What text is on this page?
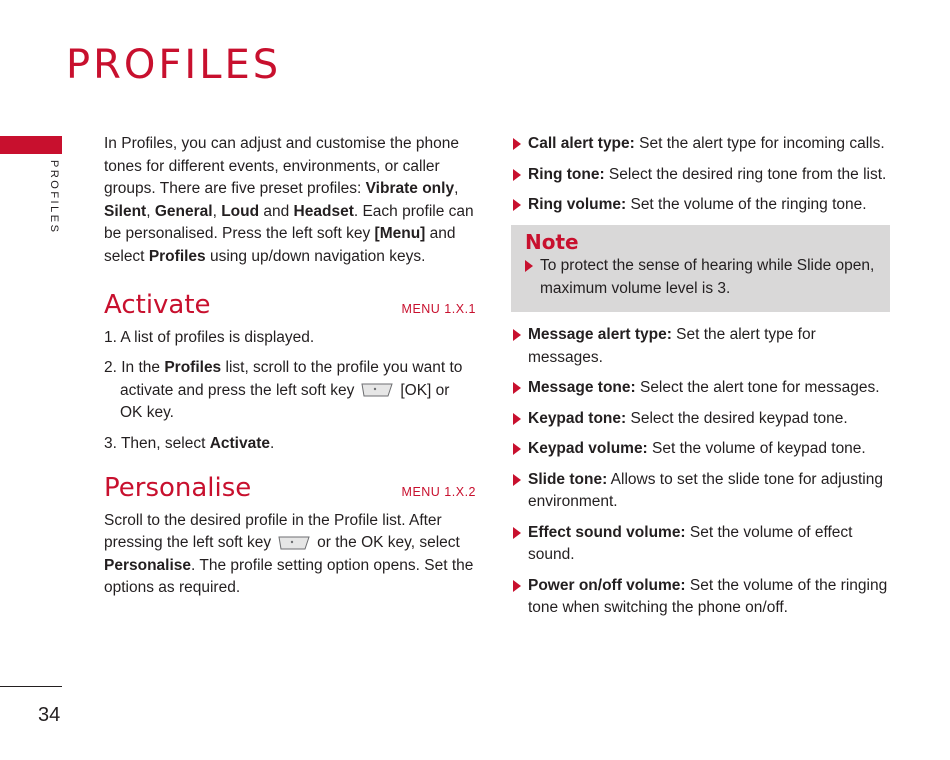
PROFILES
PROFILES
34

In Profiles, you can adjust and customise the phone tones for different events, environments, or caller groups. There are five preset profiles: Vibrate only, Silent, General, Loud and Headset. Each profile can be personalised. Press the left soft key [Menu] and select Profiles using up/down navigation keys.

Activate	MENU 1.X.1

1. A list of profiles is displayed.

2. In the Profiles list, scroll to the profile you want to activate and press the left soft key	[OK] or OK key.

3. Then, select Activate.

Personalise	MENU 1.X.2

Scroll to the desired profile in the Profile list. After pressing the left soft key	or the OK key, select Personalise. The profile setting option opens. Set the options as required.

Call alert type: Set the alert type for incoming calls.
Ring tone: Select the desired ring tone from the list.
Ring volume: Set the volume of the ringing tone.
Note
To protect the sense of hearing while Slide open, maximum volume level is 3.
Message alert type: Set the alert type for messages.
Message tone: Select the alert tone for messages.
Keypad tone: Select the desired keypad tone.
Keypad volume: Set the volume of keypad tone.
Slide tone: Allows to set the slide tone for adjusting environment.
Effect sound volume: Set the volume of effect sound.
Power on/off volume: Set the volume of the ringing tone when switching the phone on/off.
